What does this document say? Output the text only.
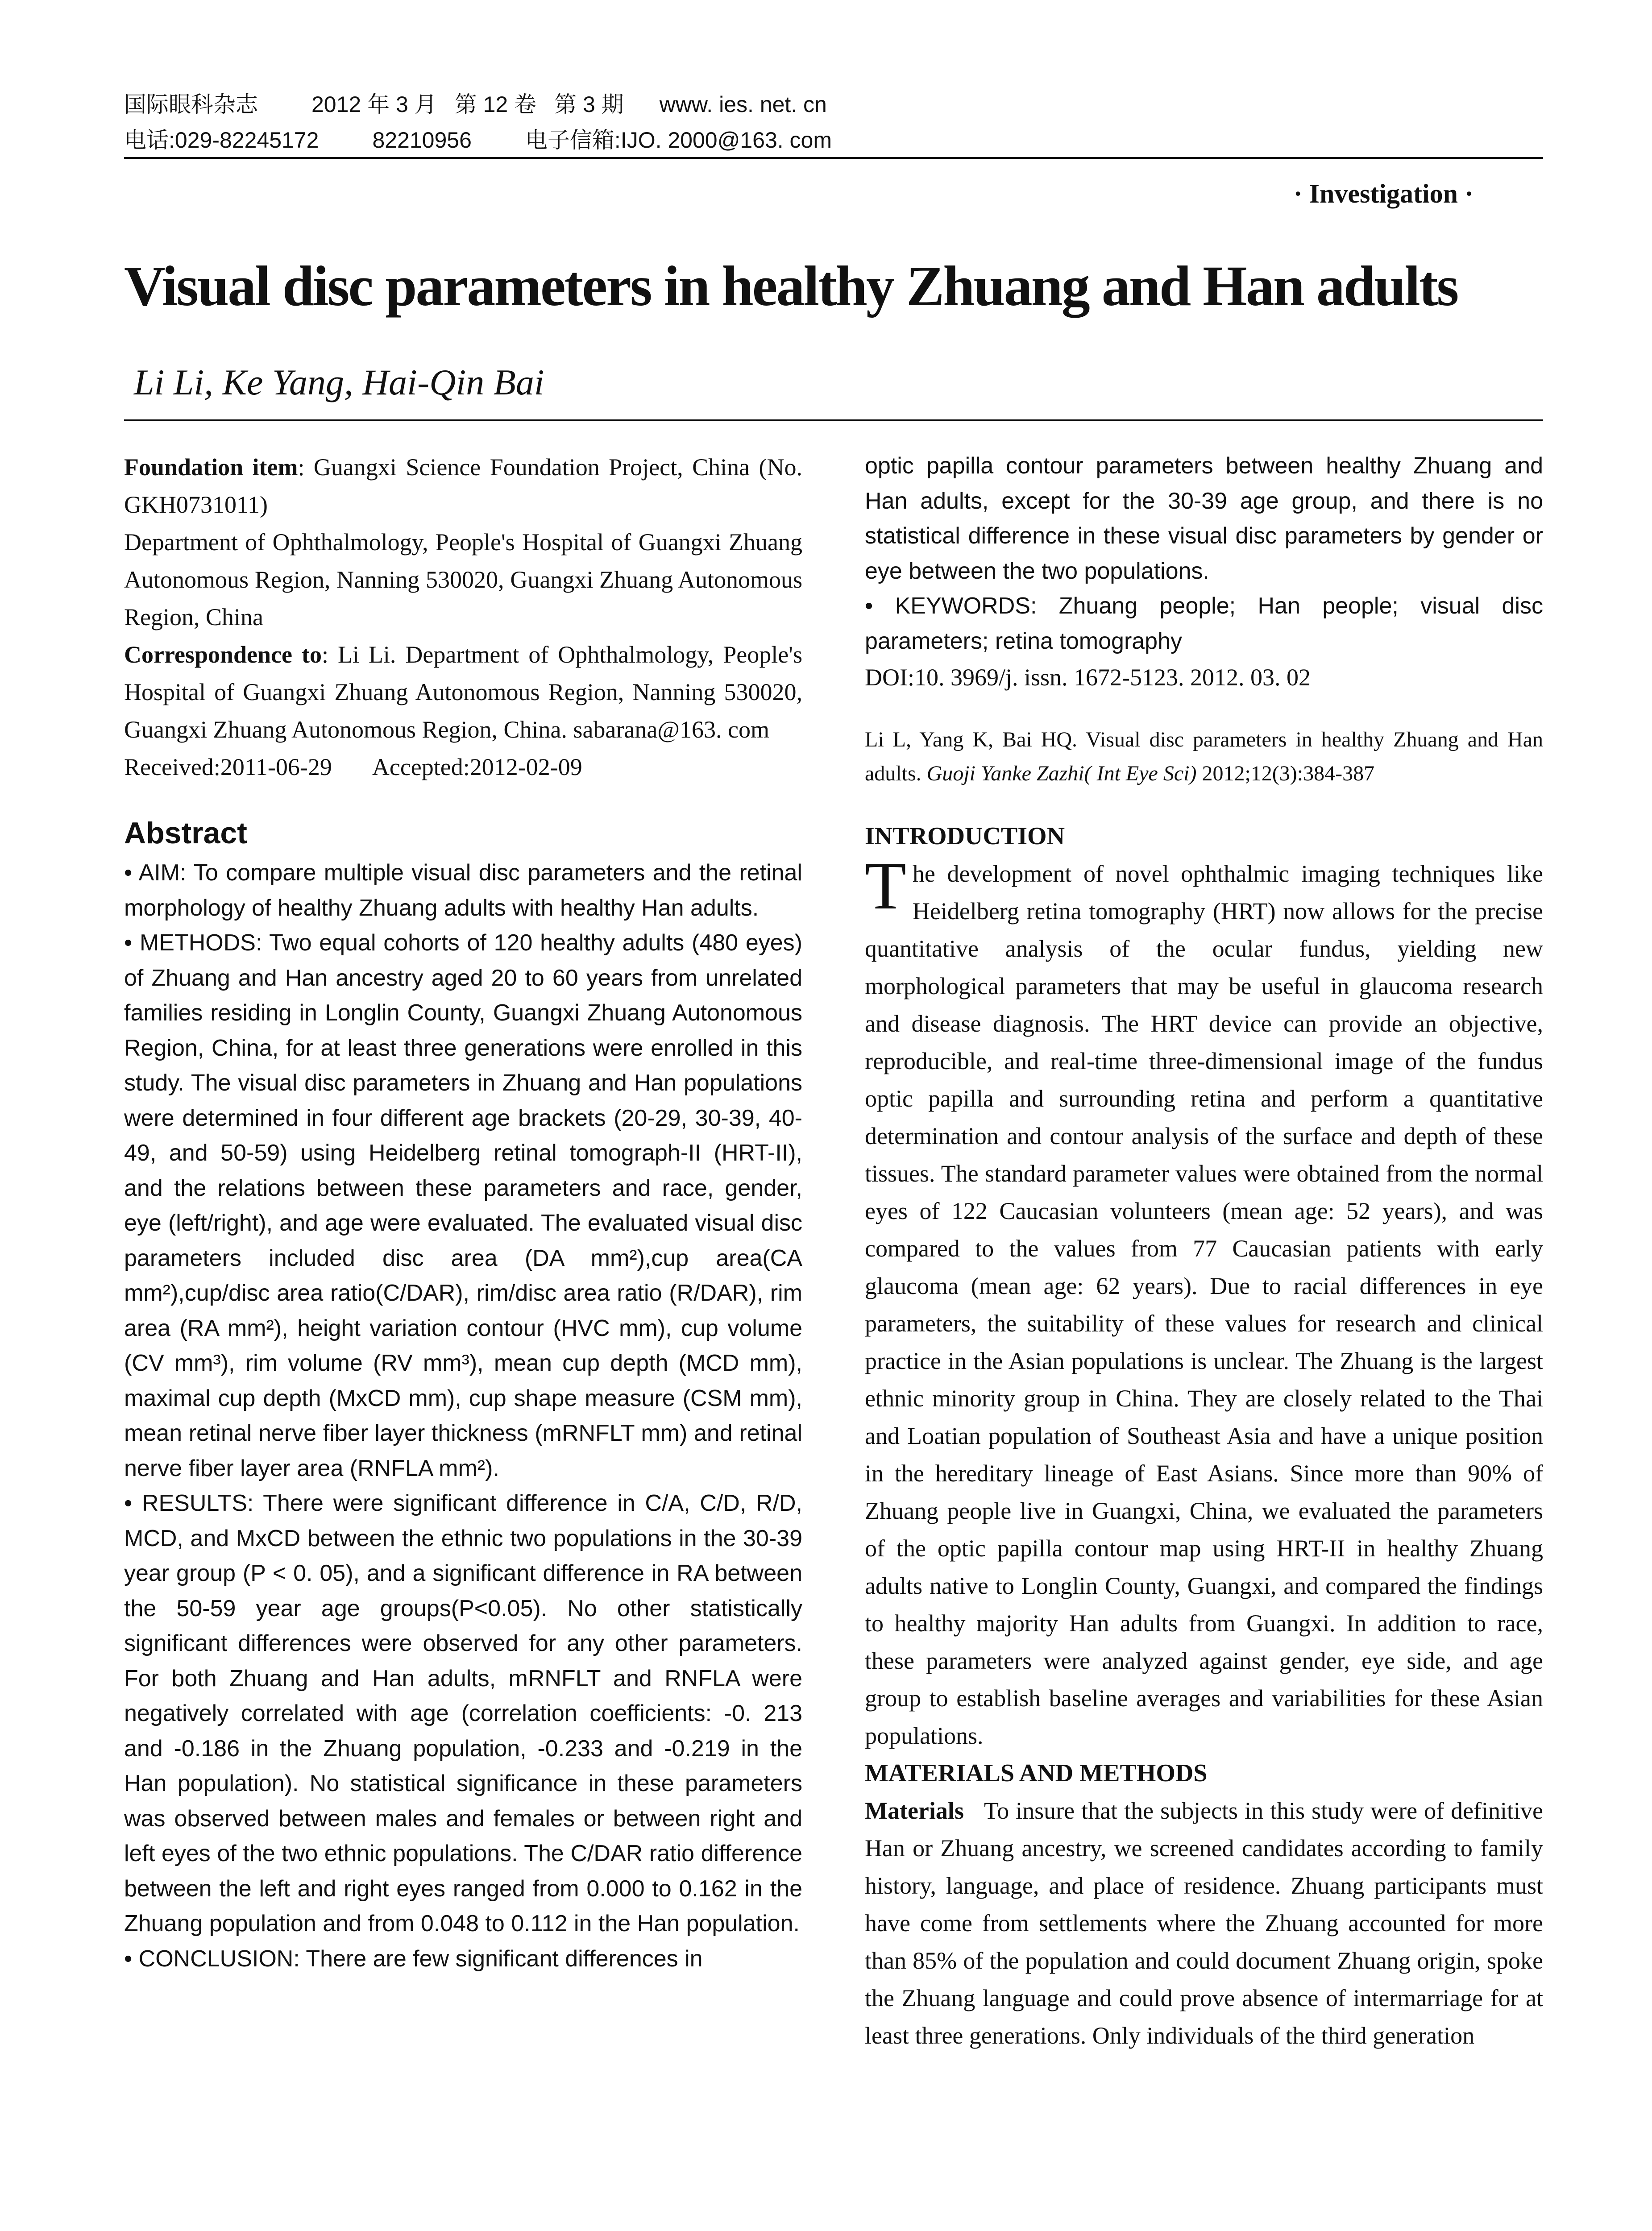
国际眼科杂志 2012 年 3 月 第 12 卷 第 3 期 www. ies. net. cn
电话:029-82245172 82210956 电子信箱:IJO. 2000@163. com
· Investigation ·
Visual disc parameters in healthy Zhuang and Han adults
Li Li, Ke Yang, Hai-Qin Bai

Foundation item: Guangxi Science Foundation Project, China (No. GKH0731011)

Department of Ophthalmology, People's Hospital of Guangxi Zhuang Autonomous Region, Nanning 530020, Guangxi Zhuang Autonomous Region, China

Correspondence to: Li Li. Department of Ophthalmology, People's Hospital of Guangxi Zhuang Autonomous Region, Nanning 530020, Guangxi Zhuang Autonomous Region, China. sabarana@163. com

Received:2011-06-29 Accepted:2012-02-09

Abstract

• AIM: To compare multiple visual disc parameters and the retinal morphology of healthy Zhuang adults with healthy Han adults.

• METHODS: Two equal cohorts of 120 healthy adults (480 eyes) of Zhuang and Han ancestry aged 20 to 60 years from unrelated families residing in Longlin County, Guangxi Zhuang Autonomous Region, China, for at least three generations were enrolled in this study. The visual disc parameters in Zhuang and Han populations were determined in four different age brackets (20-29, 30-39, 40-49, and 50-59) using Heidelberg retinal tomograph-II (HRT-II), and the relations between these parameters and race, gender, eye (left/right), and age were evaluated. The evaluated visual disc parameters included disc area (DA mm²),cup area(CA mm²),cup/disc area ratio(C/DAR), rim/disc area ratio (R/DAR), rim area (RA mm²), height variation contour (HVC mm), cup volume (CV mm³), rim volume (RV mm³), mean cup depth (MCD mm), maximal cup depth (MxCD mm), cup shape measure (CSM mm), mean retinal nerve fiber layer thickness (mRNFLT mm) and retinal nerve fiber layer area (RNFLA mm²).

• RESULTS: There were significant difference in C/A, C/D, R/D, MCD, and MxCD between the ethnic two populations in the 30-39 year group (P < 0. 05), and a significant difference in RA between the 50-59 year age groups(P<0.05). No other statistically significant differences were observed for any other parameters. For both Zhuang and Han adults, mRNFLT and RNFLA were negatively correlated with age (correlation coefficients: -0. 213 and -0.186 in the Zhuang population, -0.233 and -0.219 in the Han population). No statistical significance in these parameters was observed between males and females or between right and left eyes of the two ethnic populations. The C/DAR ratio difference between the left and right eyes ranged from 0.000 to 0.162 in the Zhuang population and from 0.048 to 0.112 in the Han population.

• CONCLUSION: There are few significant differences in

optic papilla contour parameters between healthy Zhuang and Han adults, except for the 30-39 age group, and there is no statistical difference in these visual disc parameters by gender or eye between the two populations.

• KEYWORDS: Zhuang people; Han people; visual disc parameters; retina tomography

DOI:10. 3969/j. issn. 1672-5123. 2012. 03. 02

Li L, Yang K, Bai HQ. Visual disc parameters in healthy Zhuang and Han adults. Guoji Yanke Zazhi( Int Eye Sci) 2012;12(3):384-387

INTRODUCTION

The development of novel ophthalmic imaging techniques like Heidelberg retina tomography (HRT) now allows for the precise quantitative analysis of the ocular fundus, yielding new morphological parameters that may be useful in glaucoma research and disease diagnosis. The HRT device can provide an objective, reproducible, and real-time three-dimensional image of the fundus optic papilla and surrounding retina and perform a quantitative determination and contour analysis of the surface and depth of these tissues. The standard parameter values were obtained from the normal eyes of 122 Caucasian volunteers (mean age: 52 years), and was compared to the values from 77 Caucasian patients with early glaucoma (mean age: 62 years). Due to racial differences in eye parameters, the suitability of these values for research and clinical practice in the Asian populations is unclear. The Zhuang is the largest ethnic minority group in China. They are closely related to the Thai and Loatian population of Southeast Asia and have a unique position in the hereditary lineage of East Asians. Since more than 90% of Zhuang people live in Guangxi, China, we evaluated the parameters of the optic papilla contour map using HRT-II in healthy Zhuang adults native to Longlin County, Guangxi, and compared the findings to healthy majority Han adults from Guangxi. In addition to race, these parameters were analyzed against gender, eye side, and age group to establish baseline averages and variabilities for these Asian populations.

MATERIALS AND METHODS

Materials To insure that the subjects in this study were of definitive Han or Zhuang ancestry, we screened candidates according to family history, language, and place of residence. Zhuang participants must have come from settlements where the Zhuang accounted for more than 85% of the population and could document Zhuang origin, spoke the Zhuang language and could prove absence of intermarriage for at least three generations. Only individuals of the third generation
